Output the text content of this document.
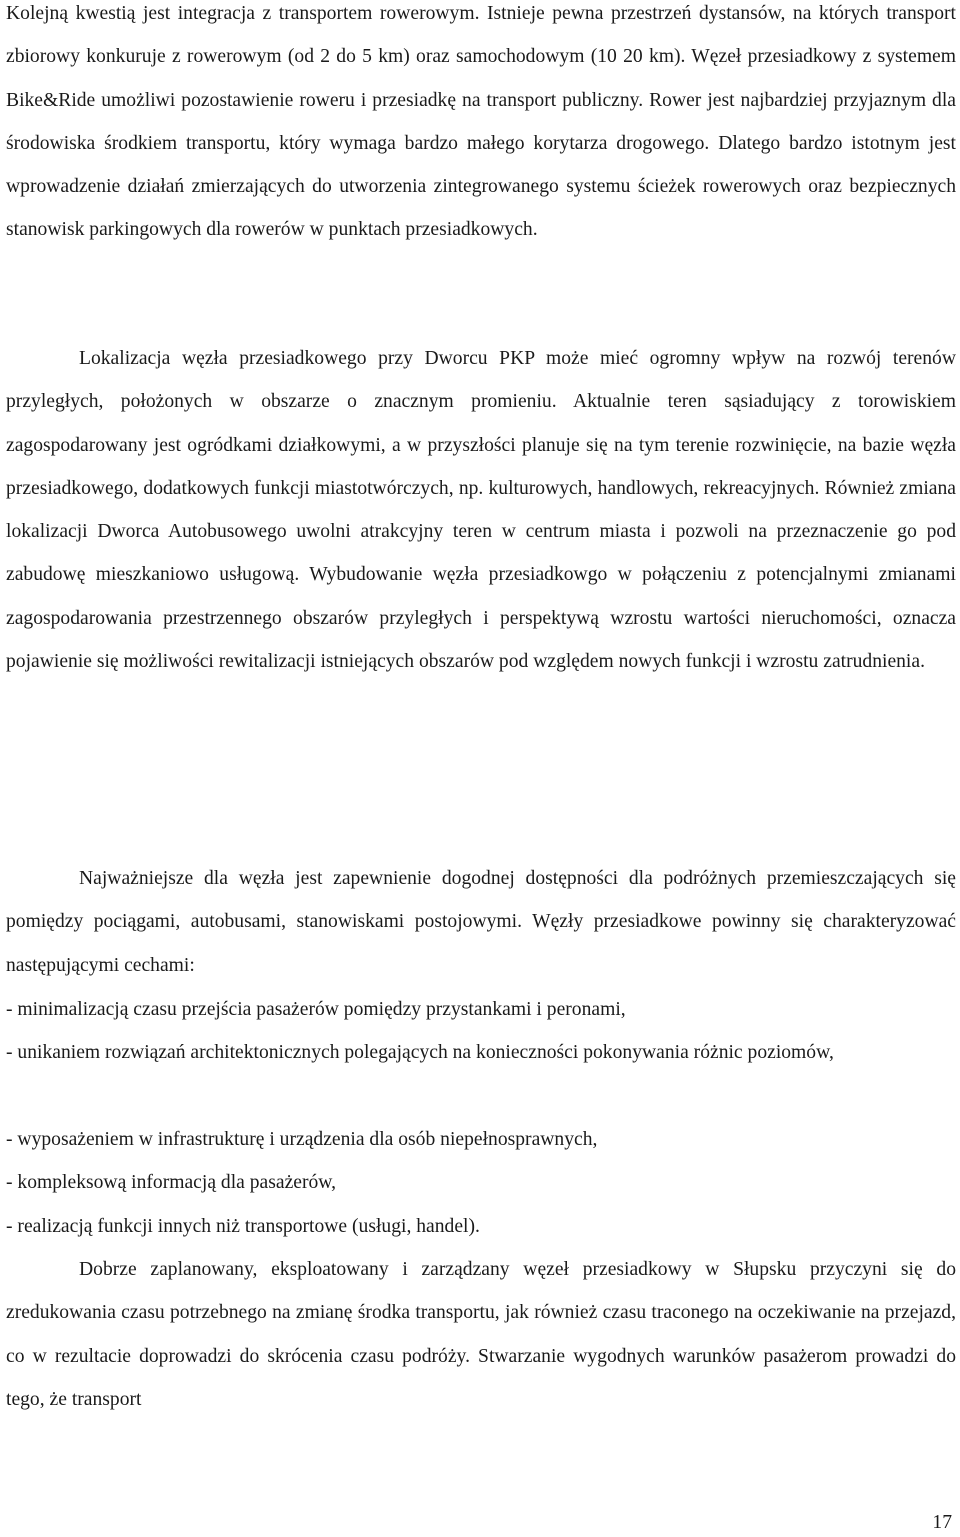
Kolejną kwestią jest integracja z transportem rowerowym. Istnieje pewna przestrzeń dystansów, na których transport zbiorowy konkuruje z rowerowym (od 2 do 5 km) oraz samochodowym (10 20 km). Węzeł przesiadkowy z systemem Bike&Ride umożliwi pozostawienie roweru i przesiadkę na transport publiczny. Rower jest najbardziej przyjaznym dla środowiska środkiem transportu, który wymaga bardzo małego korytarza drogowego. Dlatego bardzo istotnym jest wprowadzenie działań zmierzających do utworzenia zintegrowanego systemu ścieżek rowerowych oraz bezpiecznych stanowisk parkingowych dla rowerów w punktach przesiadkowych.

Lokalizacja węzła przesiadkowego przy Dworcu PKP może mieć ogromny wpływ na rozwój terenów przyległych, położonych w obszarze o znacznym promieniu. Aktualnie teren sąsiadujący z torowiskiem zagospodarowany jest ogródkami działkowymi, a w przyszłości planuje się na tym terenie rozwinięcie, na bazie węzła przesiadkowego, dodatkowych funkcji miastotwórczych, np. kulturowych, handlowych, rekreacyjnych. Również zmiana lokalizacji Dworca Autobusowego uwolni atrakcyjny teren w centrum miasta i pozwoli na przeznaczenie go pod zabudowę mieszkaniowo usługową. Wybudowanie węzła przesiadkowgo w połączeniu z potencjalnymi zmianami zagospodarowania przestrzennego obszarów przyległych i perspektywą wzrostu wartości nieruchomości, oznacza pojawienie się możliwości rewitalizacji istniejących obszarów pod względem nowych funkcji i wzrostu zatrudnienia.

Najważniejsze dla węzła jest zapewnienie dogodnej dostępności dla podróżnych przemieszczających się pomiędzy pociągami, autobusami, stanowiskami postojowymi. Węzły przesiadkowe powinny się charakteryzować następującymi cechami:

- minimalizacją czasu przejścia pasażerów pomiędzy przystankami i peronami,

- unikaniem rozwiązań architektonicznych polegających na konieczności pokonywania różnic poziomów,

- wyposażeniem w infrastrukturę i urządzenia dla osób niepełnosprawnych,

- kompleksową informacją dla pasażerów,

- realizacją funkcji innych niż transportowe (usługi, handel).

Dobrze zaplanowany, eksploatowany i zarządzany węzeł przesiadkowy w Słupsku przyczyni się do zredukowania czasu potrzebnego na zmianę środka transportu, jak również czasu traconego na oczekiwanie na przejazd, co w rezultacie doprowadzi do skrócenia czasu podróży. Stwarzanie wygodnych warunków pasażerom prowadzi do tego, że transport

17
